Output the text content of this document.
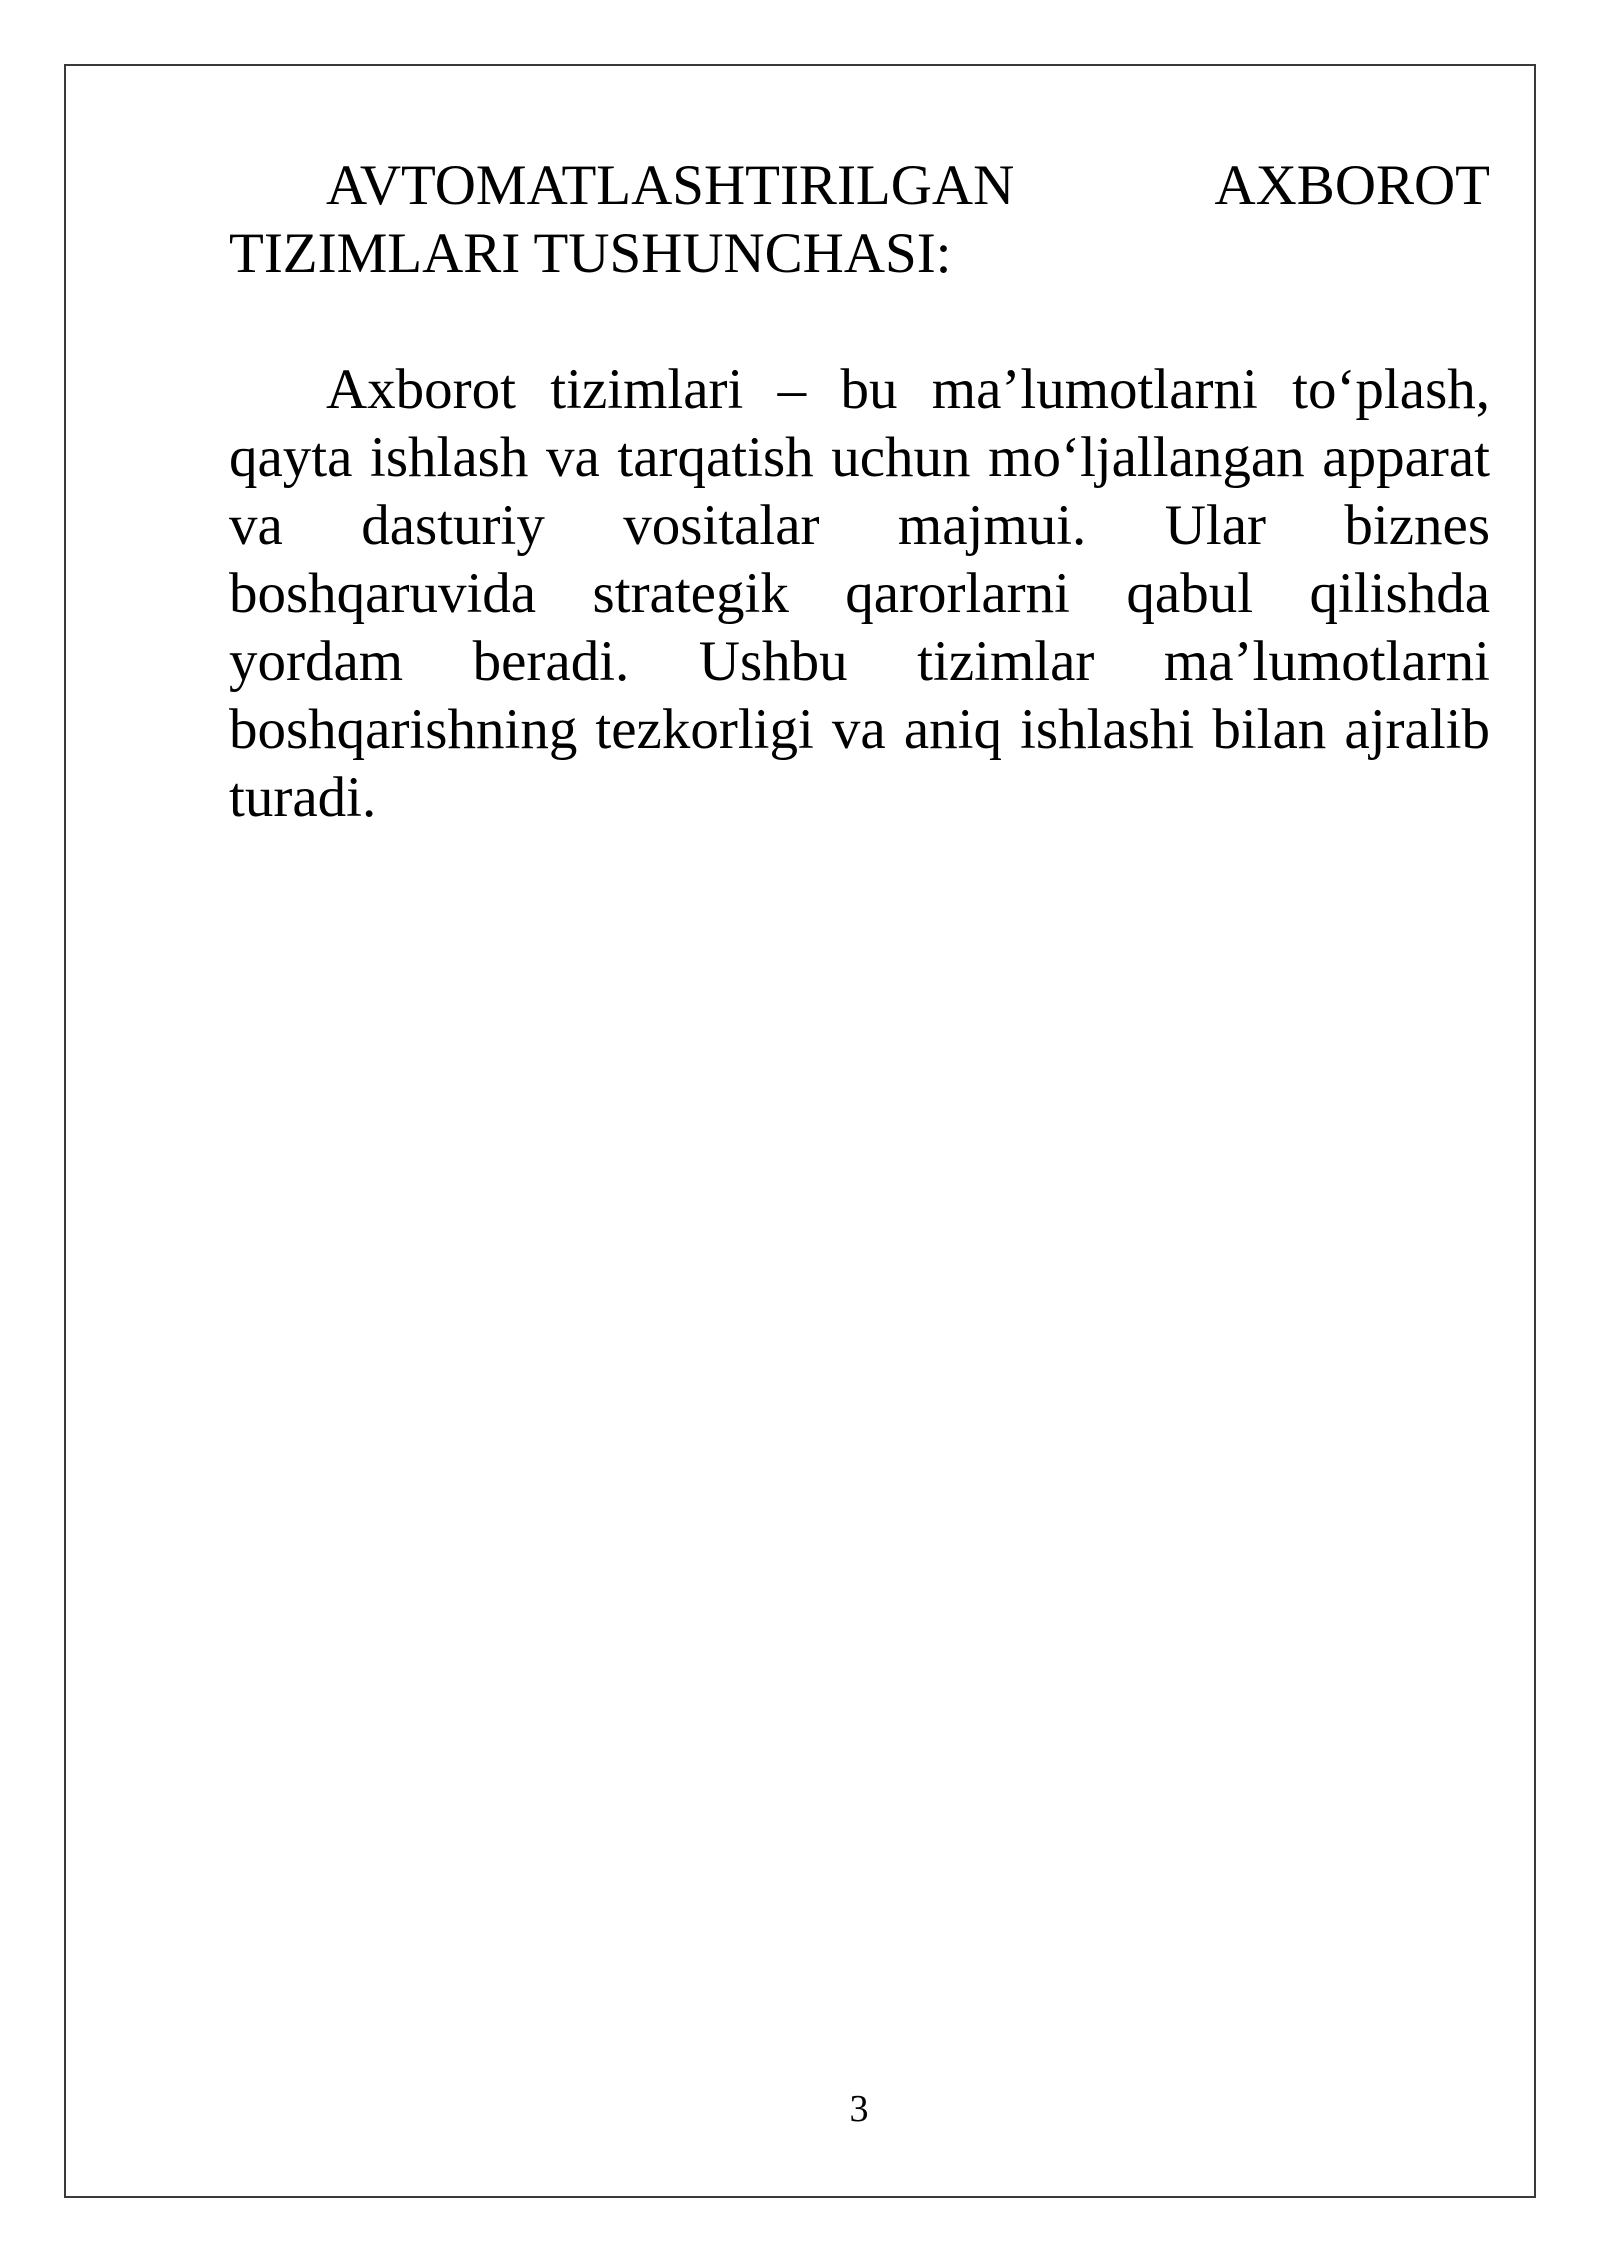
AVTOMATLASHTIRILGAN AXBOROT TIZIMLARI TUSHUNCHASI:

Axborot tizimlari – bu ma’lumotlarni to‘plash, qayta ishlash va tarqatish uchun mo‘ljallangan apparat va dasturiy vositalar majmui. Ular biznes boshqaruvida strategik qarorlarni qabul qilishda yordam beradi. Ushbu tizimlar ma’lumotlarni boshqarishning tezkorligi va aniq ishlashi bilan ajralib turadi.

3
